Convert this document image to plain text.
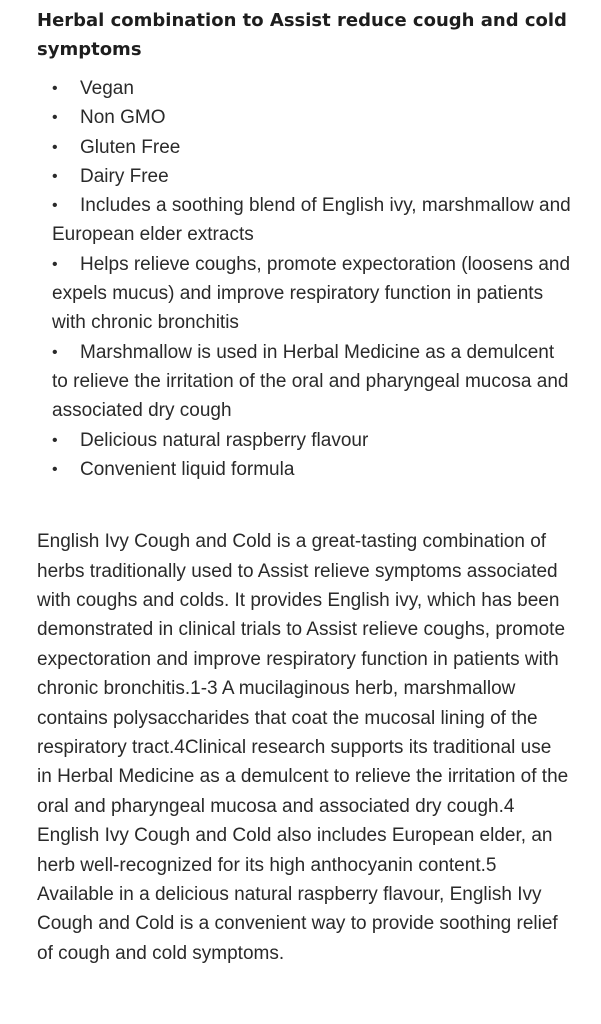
Herbal combination to Assist reduce cough and cold symptoms
• Vegan
• Non GMO
• Gluten Free
• Dairy Free
• Includes a soothing blend of English ivy, marshmallow and European elder extracts
• Helps relieve coughs, promote expectoration (loosens and expels mucus) and improve respiratory function in patients with chronic bronchitis
• Marshmallow is used in Herbal Medicine as a demulcent to relieve the irritation of the oral and pharyngeal mucosa and associated dry cough
• Delicious natural raspberry flavour
• Convenient liquid formula

English Ivy Cough and Cold is a great-tasting combination of herbs traditionally used to Assist relieve symptoms associated with coughs and colds. It provides English ivy, which has been demonstrated in clinical trials to Assist relieve coughs, promote expectoration and improve respiratory function in patients with chronic bronchitis.1-3 A mucilaginous herb, marshmallow contains polysaccharides that coat the mucosal lining of the respiratory tract.4Clinical research supports its traditional use in Herbal Medicine as a demulcent to relieve the irritation of the oral and pharyngeal mucosa and associated dry cough.4 English Ivy Cough and Cold also includes European elder, an herb well-recognized for its high anthocyanin content.5 Available in a delicious natural raspberry flavour, English Ivy Cough and Cold is a convenient way to provide soothing relief of cough and cold symptoms.
